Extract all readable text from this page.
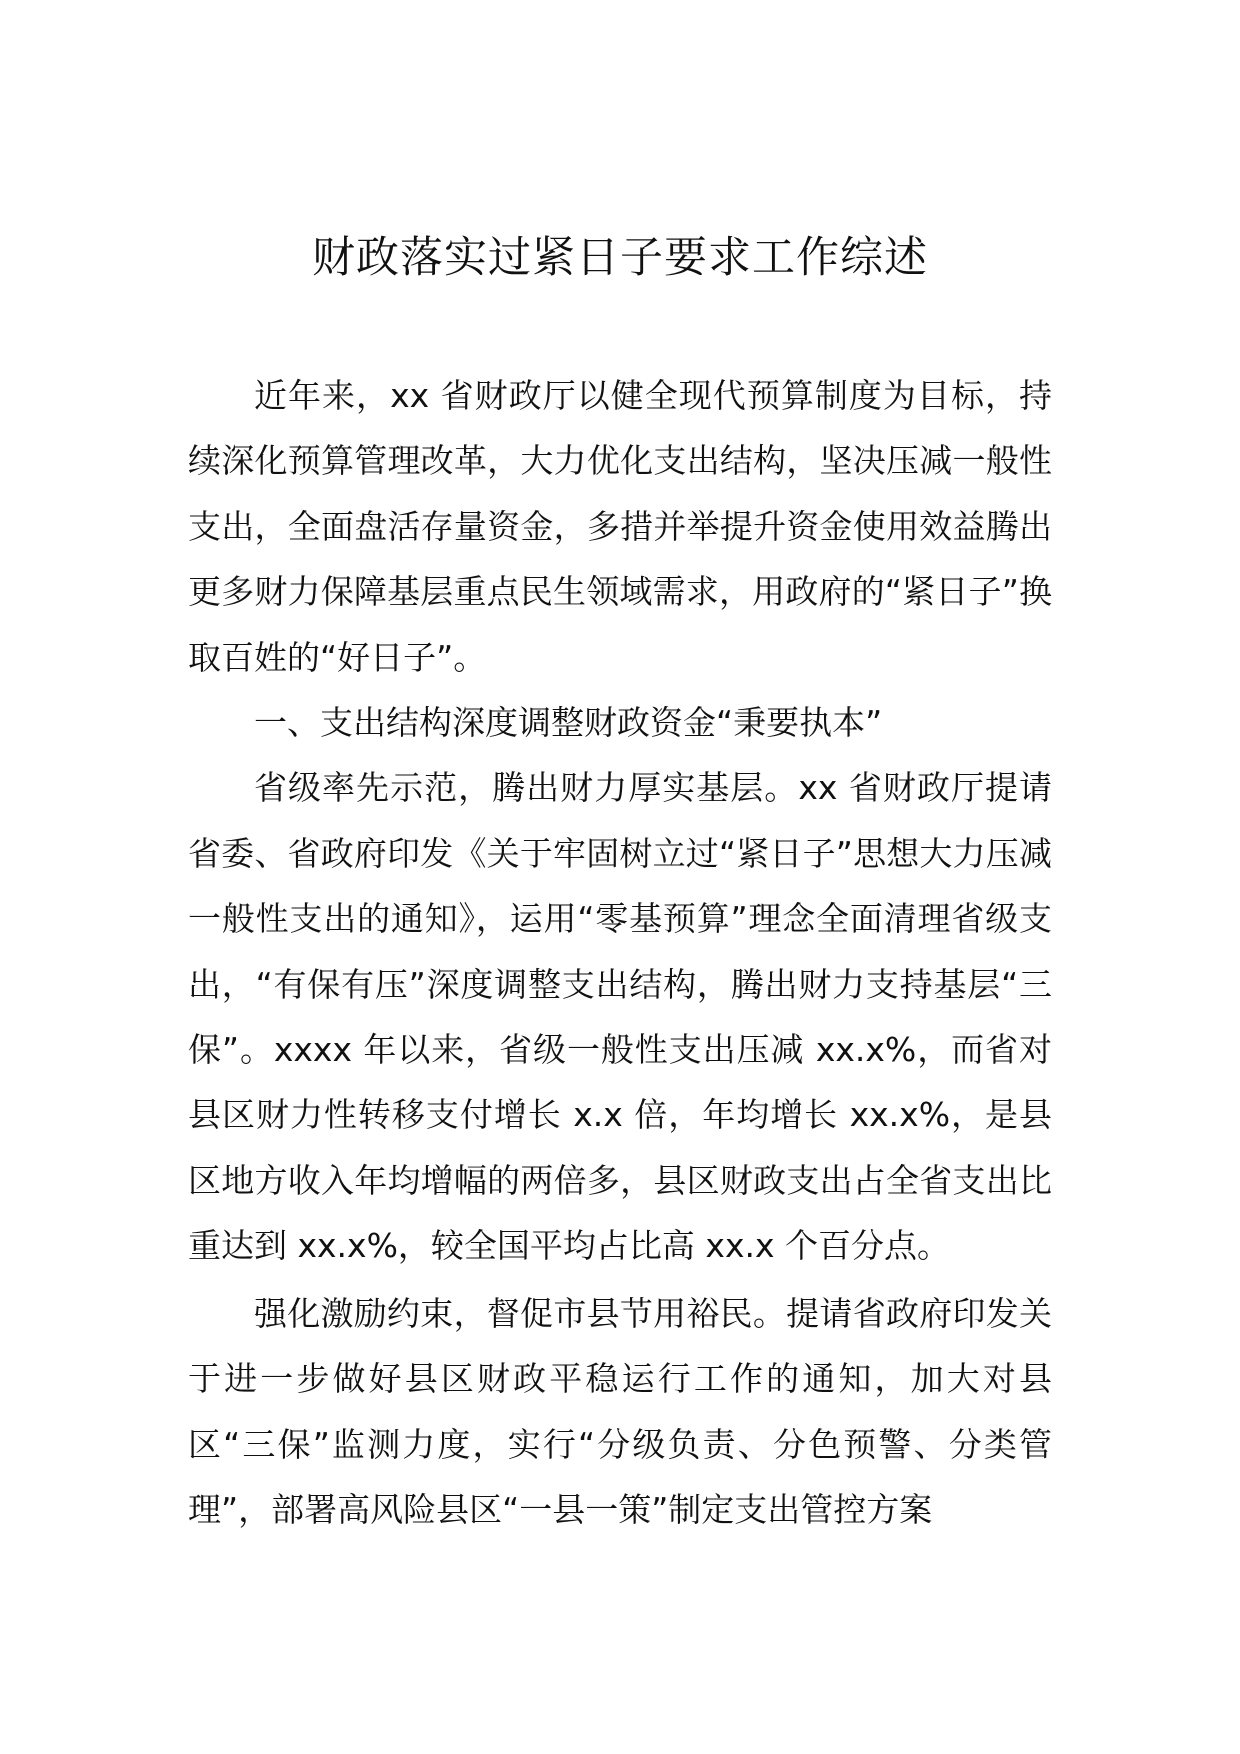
财政落实过紧日子要求工作综述

近年来，xx 省财政厅以健全现代预算制度为目标，持续深化预算管理改革，大力优化支出结构，坚决压减一般性支出，全面盘活存量资金，多措并举提升资金使用效益腾出更多财力保障基层重点民生领域需求，用政府的“紧日子”换取百姓的“好日子”。

一、支出结构深度调整财政资金“秉要执本”

省级率先示范，腾出财力厚实基层。xx 省财政厅提请省委、省政府印发《关于牢固树立过“紧日子”思想大力压减一般性支出的通知》，运用“零基预算”理念全面清理省级支出，“有保有压”深度调整支出结构，腾出财力支持基层“三保”。xxxx 年以来，省级一般性支出压减 xx.x%，而省对县区财力性转移支付增长 x.x 倍，年均增长 xx.x%，是县区地方收入年均增幅的两倍多，县区财政支出占全省支出比重达到 xx.x%，较全国平均占比高 xx.x 个百分点。

强化激励约束，督促市县节用裕民。提请省政府印发关于进一步做好县区财政平稳运行工作的通知，加大对县区“三保”监测力度，实行“分级负责、分色预警、分类管理”，部署高风险县区“一县一策”制定支出管控方案
